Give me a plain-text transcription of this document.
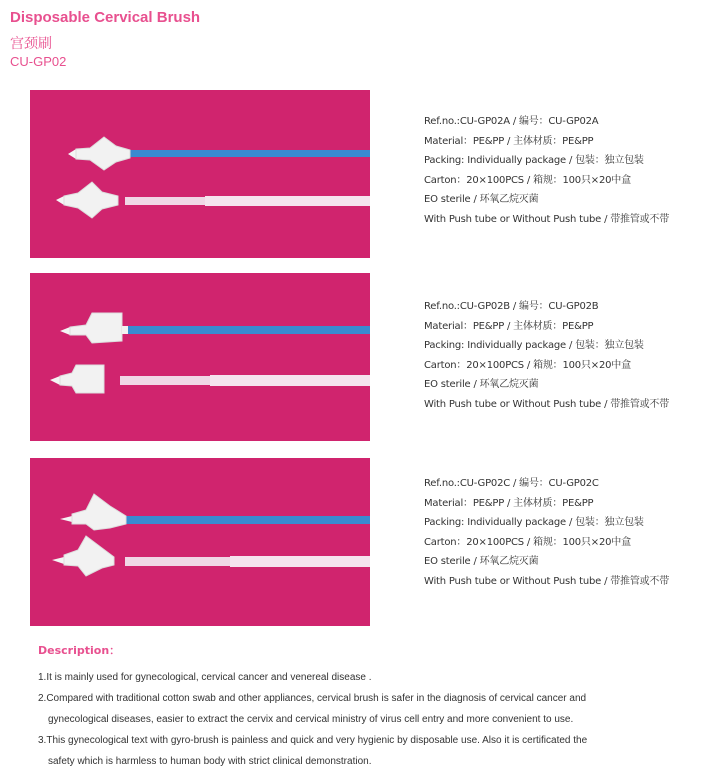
Disposable Cervical Brush
宫颈刷
CU-GP02
Ref.no.:CU-GP02A / 编号：CU-GP02A
Material：PE&PP / 主体材质：PE&PP
Packing: Individually package / 包装：独立包装
Carton：20×100PCS / 箱规：100只×20中盒
EO sterile / 环氧乙烷灭菌
With Push tube or Without Push tube / 带推管或不带
Ref.no.:CU-GP02B / 编号：CU-GP02B
Material：PE&PP / 主体材质：PE&PP
Packing: Individually package / 包装：独立包装
Carton：20×100PCS / 箱规：100只×20中盒
EO sterile / 环氧乙烷灭菌
With Push tube or Without Push tube / 带推管或不带
Ref.no.:CU-GP02C / 编号：CU-GP02C
Material：PE&PP / 主体材质：PE&PP
Packing: Individually package / 包装：独立包装
Carton：20×100PCS / 箱规：100只×20中盒
EO sterile / 环氧乙烷灭菌
With Push tube or Without Push tube / 带推管或不带
Description：
1.It is mainly used for gynecological, cervical cancer and venereal disease .
2.Compared with traditional cotton swab and other appliances, cervical brush is safer in the diagnosis of cervical cancer and
gynecological diseases, easier to extract the cervix and cervical ministry of virus cell entry and more convenient to use.
3.This gynecological text with gyro-brush is painless and quick and very hygienic by disposable use. Also it is certificated the
safety which is harmless to human body with strict clinical demonstration.
